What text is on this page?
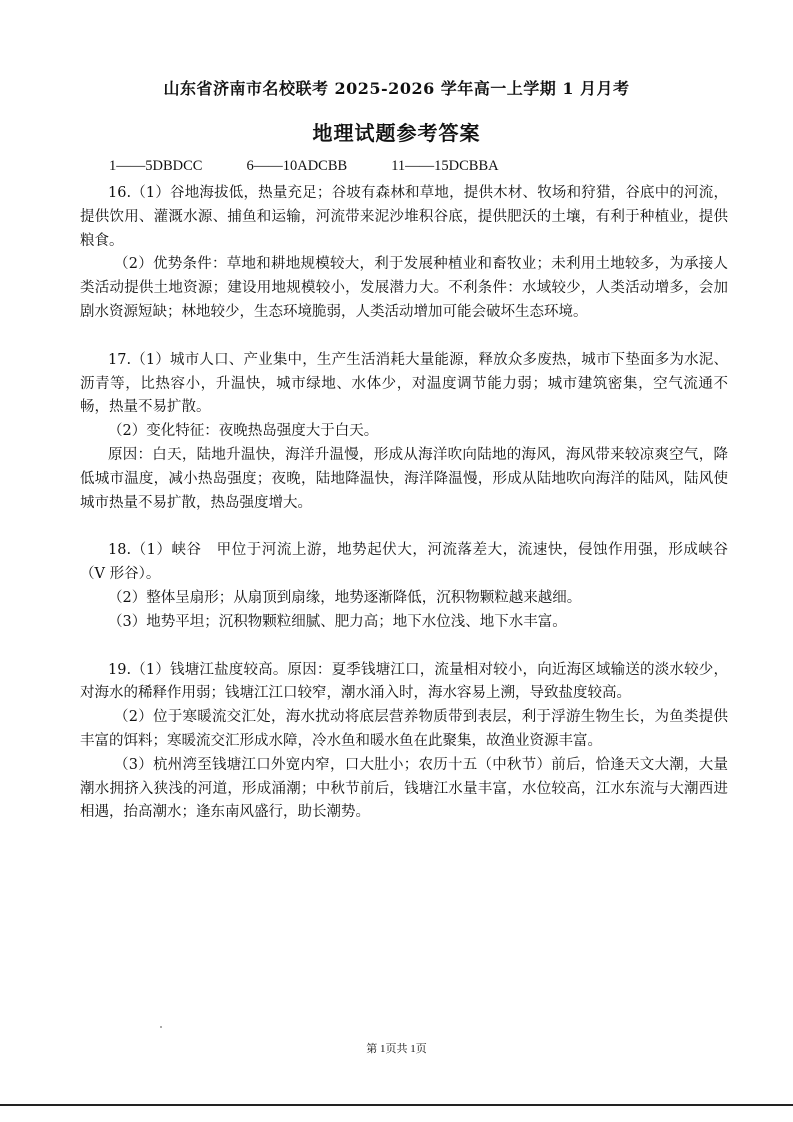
山东省济南市名校联考 2025-2026 学年高一上学期 1 月月考
地理试题参考答案
1——5DBDCC	6——10ADCBB	11——15DCBBA

16.（1）谷地海拔低，热量充足；谷坡有森林和草地，提供木材、牧场和狩猎，谷底中的河流，提供饮用、灌溉水源、捕鱼和运输，河流带来泥沙堆积谷底，提供肥沃的土壤，有利于种植业，提供粮食。

（2）优势条件：草地和耕地规模较大，利于发展种植业和畜牧业；未利用土地较多，为承接人类活动提供土地资源；建设用地规模较小，发展潜力大。不利条件：水域较少，人类活动增多，会加剧水资源短缺；林地较少，生态环境脆弱，人类活动增加可能会破坏生态环境。

17.（1）城市人口、产业集中，生产生活消耗大量能源，释放众多废热，城市下垫面多为水泥、沥青等，比热容小，升温快，城市绿地、水体少，对温度调节能力弱；城市建筑密集，空气流通不畅，热量不易扩散。

（2）变化特征：夜晚热岛强度大于白天。

原因：白天，陆地升温快，海洋升温慢，形成从海洋吹向陆地的海风，海风带来较凉爽空气，降低城市温度，减小热岛强度；夜晚，陆地降温快，海洋降温慢，形成从陆地吹向海洋的陆风，陆风使城市热量不易扩散，热岛强度增大。

18.（1）峡谷　甲位于河流上游，地势起伏大，河流落差大，流速快，侵蚀作用强，形成峡谷（V 形谷）。

（2）整体呈扇形；从扇顶到扇缘，地势逐渐降低，沉积物颗粒越来越细。

（3）地势平坦；沉积物颗粒细腻、肥力高；地下水位浅、地下水丰富。

19.（1）钱塘江盐度较高。原因：夏季钱塘江口，流量相对较小，向近海区域输送的淡水较少，对海水的稀释作用弱；钱塘江江口较窄，潮水涌入时，海水容易上溯，导致盐度较高。

（2）位于寒暖流交汇处，海水扰动将底层营养物质带到表层，利于浮游生物生长，为鱼类提供丰富的饵料；寒暖流交汇形成水障，冷水鱼和暖水鱼在此聚集，故渔业资源丰富。

（3）杭州湾至钱塘江口外宽内窄，口大肚小；农历十五（中秋节）前后，恰逢天文大潮，大量潮水拥挤入狭浅的河道，形成涌潮；中秋节前后，钱塘江水量丰富，水位较高，江水东流与大潮西进相遇，抬高潮水；逢东南风盛行，助长潮势。

第 1页共 1页
